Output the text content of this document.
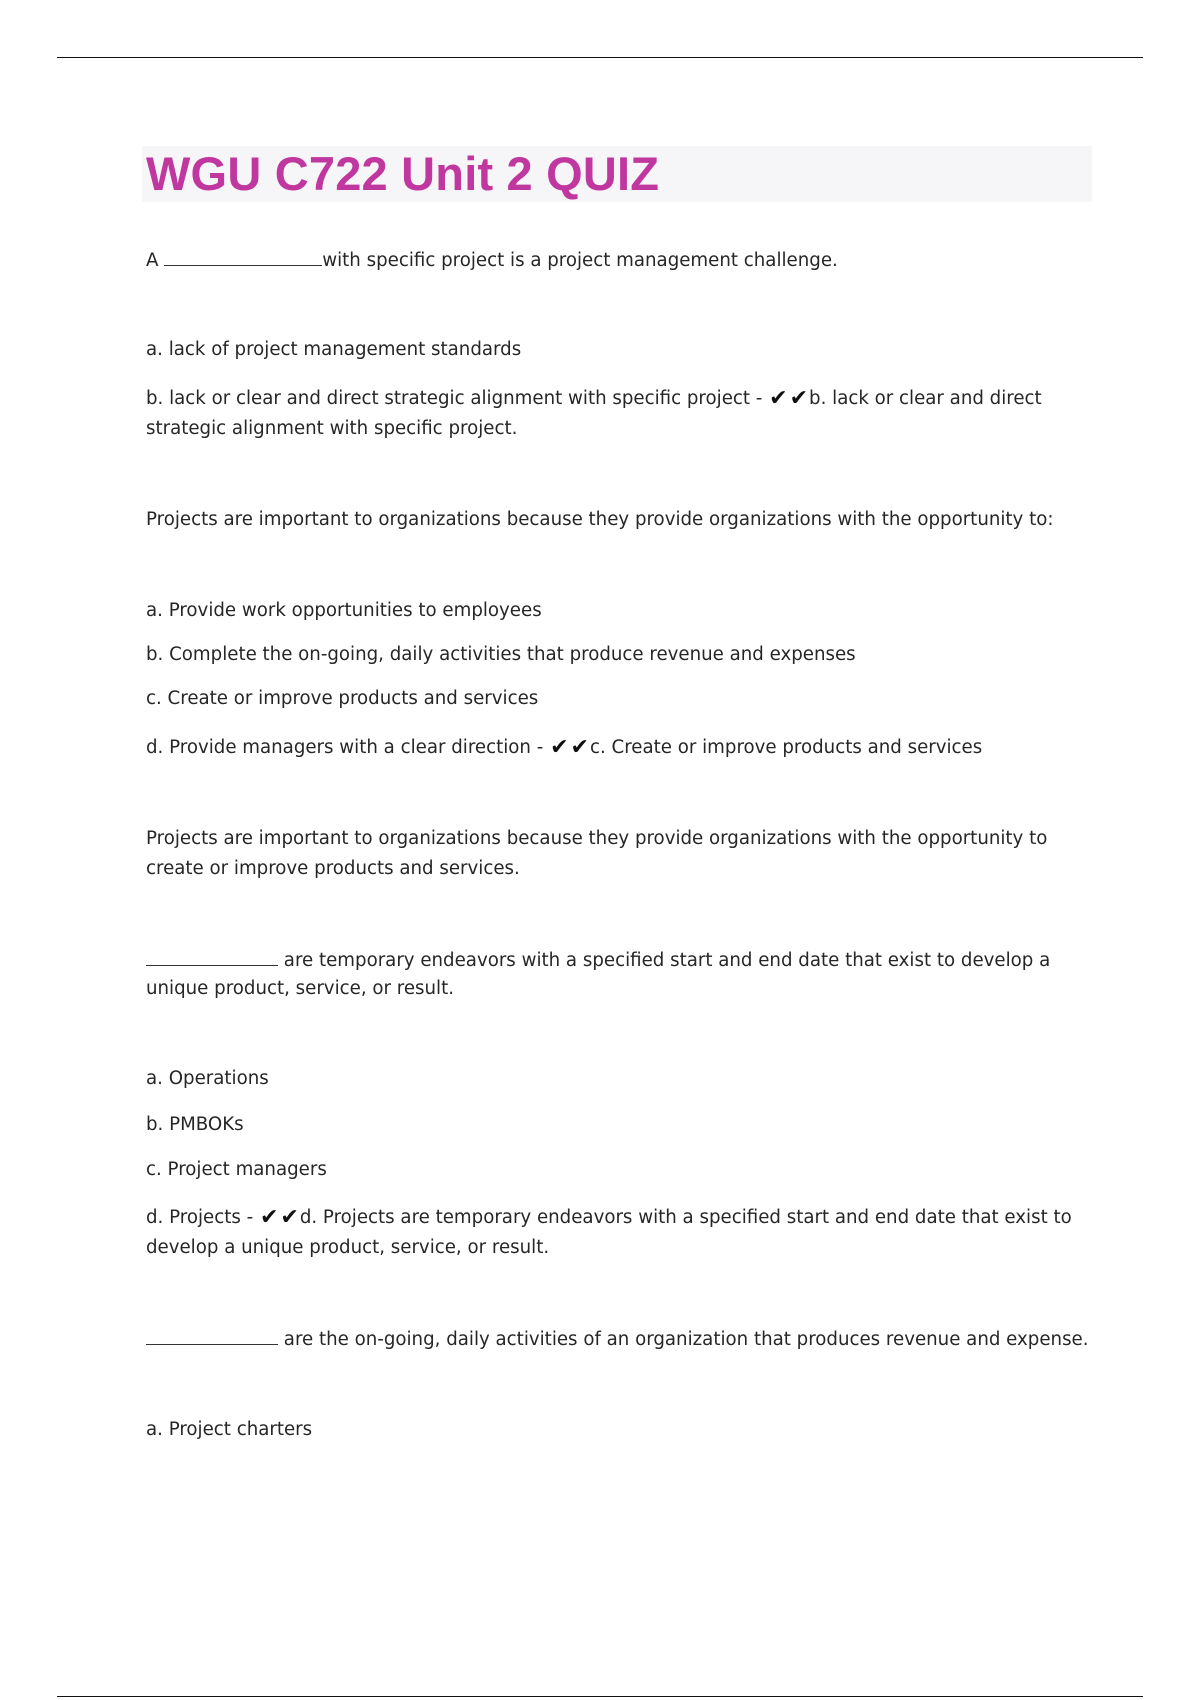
WGU C722 Unit 2 QUIZ

A	with specific project is a project management challenge.

a. lack of project management standards

b. lack or clear and direct strategic alignment with specific project - ✔✔b. lack or clear and direct

strategic alignment with specific project.

Projects are important to organizations because they provide organizations with the opportunity to:

a. Provide work opportunities to employees

b. Complete the on-going, daily activities that produce revenue and expenses

c. Create or improve products and services

d. Provide managers with a clear direction - ✔✔c. Create or improve products and services

Projects are important to organizations because they provide organizations with the opportunity to

create or improve products and services.

are temporary endeavors with a specified start and end date that exist to develop a

unique product, service, or result.

a. Operations

b. PMBOKs

c. Project managers

d. Projects - ✔✔d. Projects are temporary endeavors with a specified start and end date that exist to

develop a unique product, service, or result.

are the on-going, daily activities of an organization that produces revenue and expense.

a. Project charters
